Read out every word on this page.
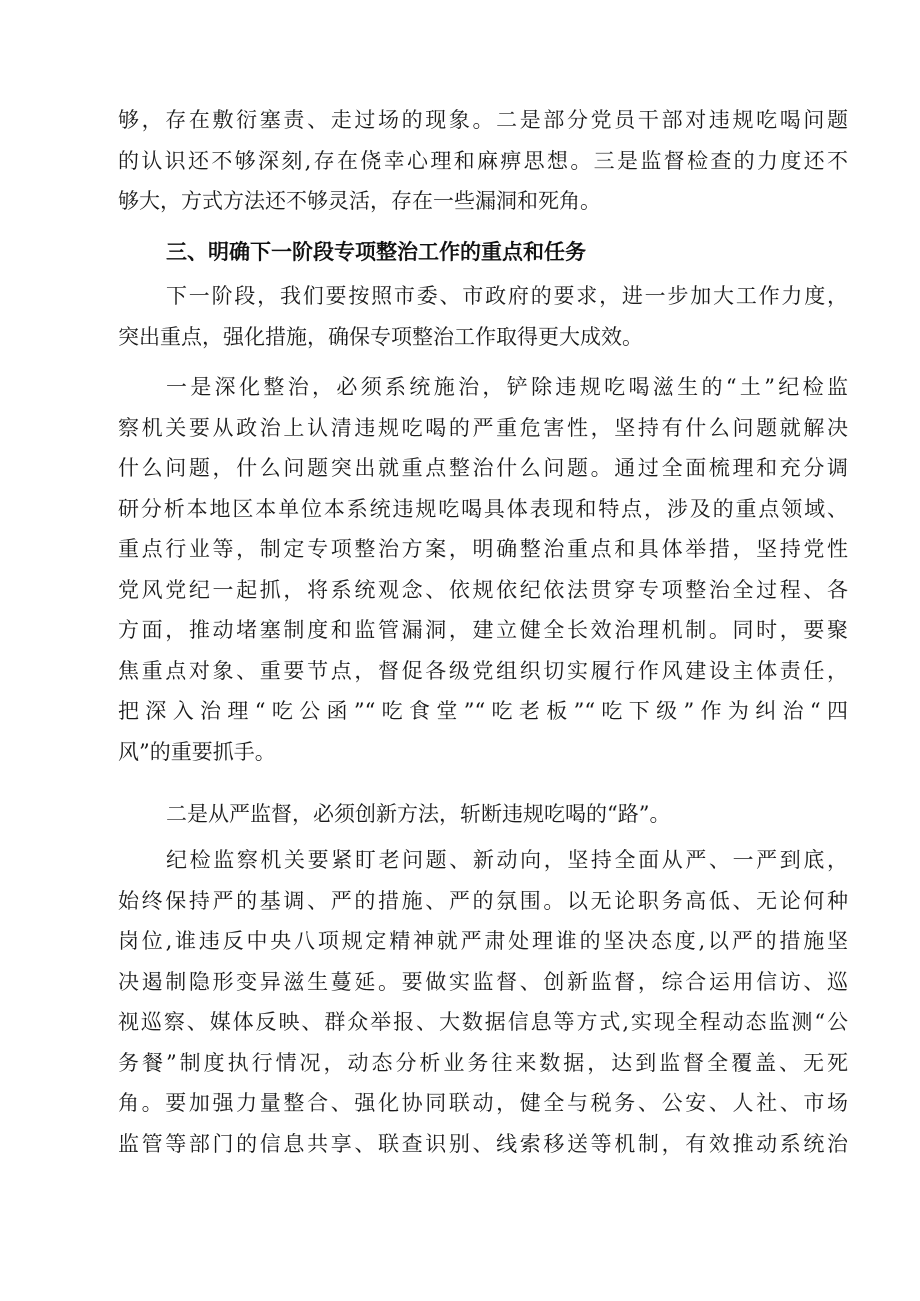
够，存在敷衍塞责、走过场的现象。二是部分党员干部对违规吃喝问题
的认识还不够深刻,存在侥幸心理和麻痹思想。三是监督检查的力度还不
够大，方式方法还不够灵活，存在一些漏洞和死角。
三、明确下一阶段专项整治工作的重点和任务
下一阶段，我们要按照市委、市政府的要求，进一步加大工作力度，
突出重点，强化措施，确保专项整治工作取得更大成效。
一是深化整治，必须系统施治，铲除违规吃喝滋生的“土”纪检监
察机关要从政治上认清违规吃喝的严重危害性，坚持有什么问题就解决
什么问题，什么问题突出就重点整治什么问题。通过全面梳理和充分调
研分析本地区本单位本系统违规吃喝具体表现和特点，涉及的重点领域、
重点行业等，制定专项整治方案，明确整治重点和具体举措，坚持党性
党风党纪一起抓，将系统观念、依规依纪依法贯穿专项整治全过程、各
方面，推动堵塞制度和监管漏洞，建立健全长效治理机制。同时，要聚
焦重点对象、重要节点，督促各级党组织切实履行作风建设主体责任，
把深入治理“吃公函”“吃食堂”“吃老板”“吃下级”作为纠治“四
风”的重要抓手。
二是从严监督，必须创新方法，斩断违规吃喝的“路”。
纪检监察机关要紧盯老问题、新动向，坚持全面从严、一严到底，
始终保持严的基调、严的措施、严的氛围。以无论职务高低、无论何种
岗位,谁违反中央八项规定精神就严肃处理谁的坚决态度,以严的措施坚
决遏制隐形变异滋生蔓延。要做实监督、创新监督，综合运用信访、巡
视巡察、媒体反映、群众举报、大数据信息等方式,实现全程动态监测“公
务餐”制度执行情况，动态分析业务往来数据，达到监督全覆盖、无死
角。要加强力量整合、强化协同联动，健全与税务、公安、人社、市场
监管等部门的信息共享、联查识别、线索移送等机制，有效推动系统治
